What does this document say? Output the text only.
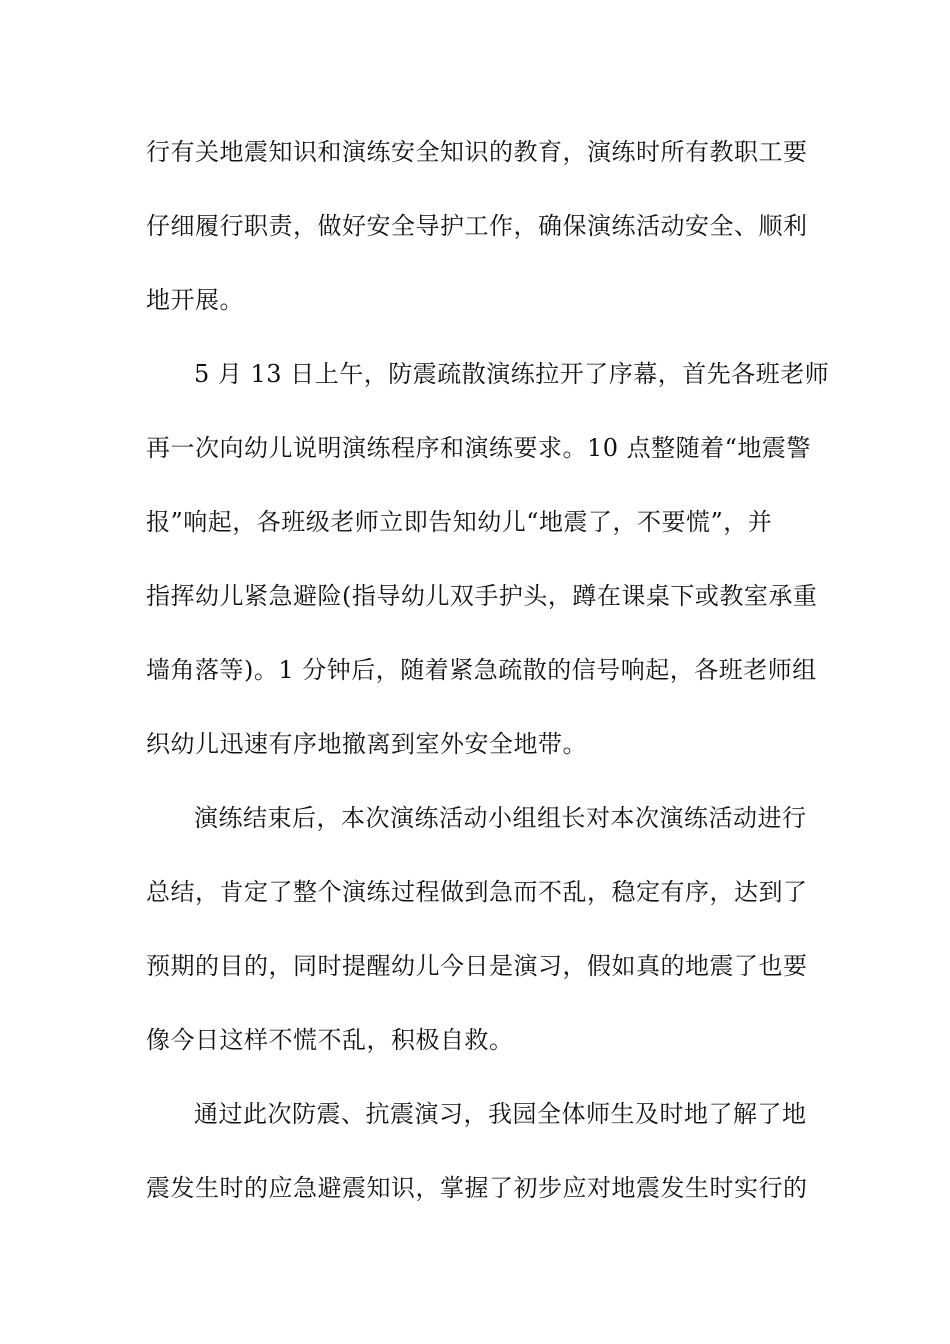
行有关地震知识和演练安全知识的教育，演练时所有教职工要
仔细履行职责，做好安全导护工作，确保演练活动安全、顺利
地开展。
5 月 13 日上午，防震疏散演练拉开了序幕，首先各班老师
再一次向幼儿说明演练程序和演练要求。10 点整随着“地震警
报”响起，各班级老师立即告知幼儿“地震了，不要慌”，并
指挥幼儿紧急避险(指导幼儿双手护头，蹲在课桌下或教室承重
墙角落等)。1 分钟后，随着紧急疏散的信号响起，各班老师组
织幼儿迅速有序地撤离到室外安全地带。
演练结束后，本次演练活动小组组长对本次演练活动进行
总结，肯定了整个演练过程做到急而不乱，稳定有序，达到了
预期的目的，同时提醒幼儿今日是演习，假如真的地震了也要
像今日这样不慌不乱，积极自救。
通过此次防震、抗震演习，我园全体师生及时地了解了地
震发生时的应急避震知识，掌握了初步应对地震发生时实行的
